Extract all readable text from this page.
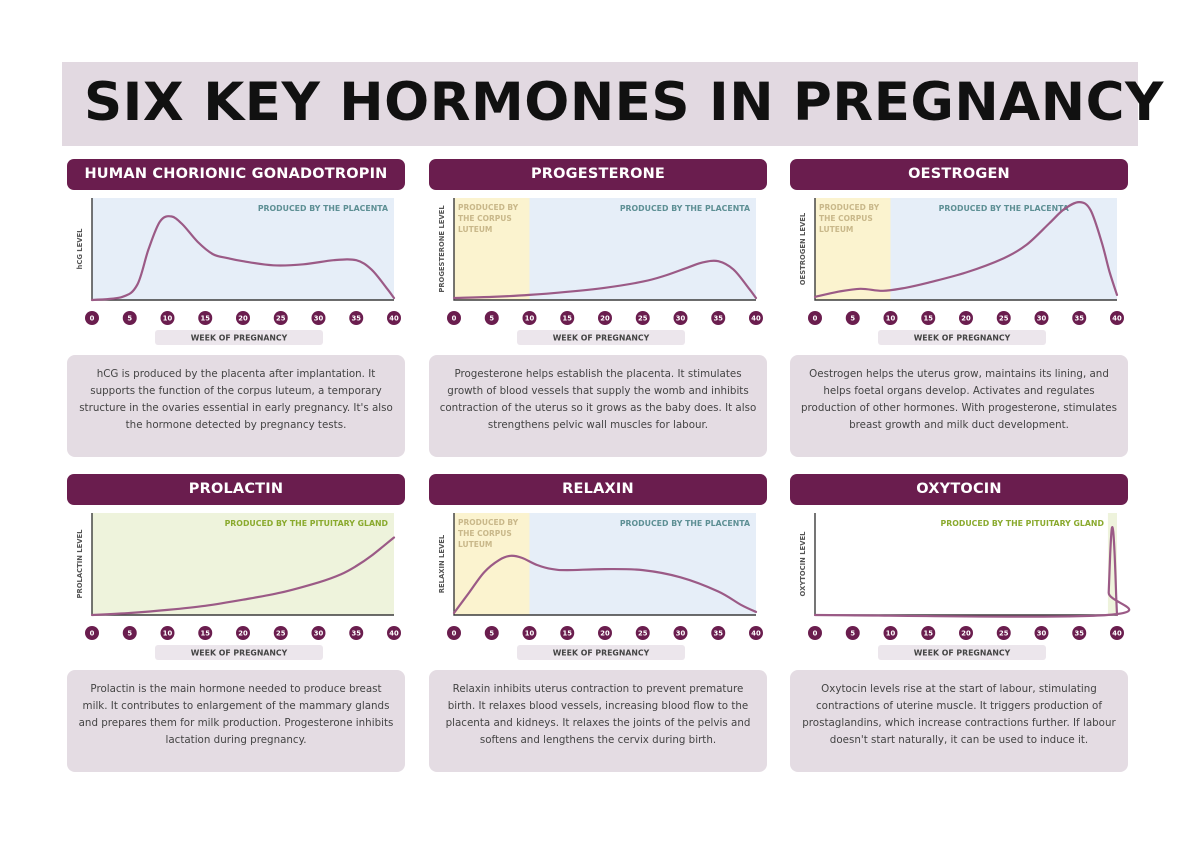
SIX KEY HORMONES IN PREGNANCY
HUMAN CHORIONIC GONADOTROPIN
PRODUCED BY THE PLACENTA
hCG LEVEL
0	5	10	15	20	25	30	35	40
WEEK OF PREGNANCY
hCG is produced by the placenta after implantation. It supports the function of the corpus luteum, a temporary structure in the ovaries essential in early pregnancy. It's also the hormone detected by pregnancy tests.
PROGESTERONE
PRODUCED BY
THE CORPUS
LUTEUM
PRODUCED BY THE PLACENTA
PROGESTERONE LEVEL
0	5	10	15	20	25	30	35	40
WEEK OF PREGNANCY
Progesterone helps establish the placenta. It stimulates growth of blood vessels that supply the womb and inhibits contraction of the uterus so it grows as the baby does. It also strengthens pelvic wall muscles for labour.
OESTROGEN
PRODUCED BY
THE CORPUS
LUTEUM
PRODUCED BY THE PLACENTA
OESTROGEN LEVEL
0	5	10	15	20	25	30	35	40
WEEK OF PREGNANCY
Oestrogen helps the uterus grow, maintains its lining, and helps foetal organs develop. Activates and regulates production of other hormones. With progesterone, stimulates breast growth and milk duct development.
PROLACTIN
PRODUCED BY THE PITUITARY GLAND
PROLACTIN LEVEL
0	5	10	15	20	25	30	35	40
WEEK OF PREGNANCY
Prolactin is the main hormone needed to produce breast milk. It contributes to enlargement of the mammary glands and prepares them for milk production. Progesterone inhibits lactation during pregnancy.
RELAXIN
PRODUCED BY
THE CORPUS
LUTEUM
PRODUCED BY THE PLACENTA
RELAXIN LEVEL
0	5	10	15	20	25	30	35	40
WEEK OF PREGNANCY
Relaxin inhibits uterus contraction to prevent premature birth. It relaxes blood vessels, increasing blood flow to the placenta and kidneys. It relaxes the joints of the pelvis and softens and lengthens the cervix during birth.
OXYTOCIN
PRODUCED BY THE PITUITARY GLAND
OXYTOCIN LEVEL
0	5	10	15	20	25	30	35	40
WEEK OF PREGNANCY
Oxytocin levels rise at the start of labour, stimulating contractions of uterine muscle. It triggers production of prostaglandins, which increase contractions further. If labour doesn't start naturally, it can be used to induce it.
